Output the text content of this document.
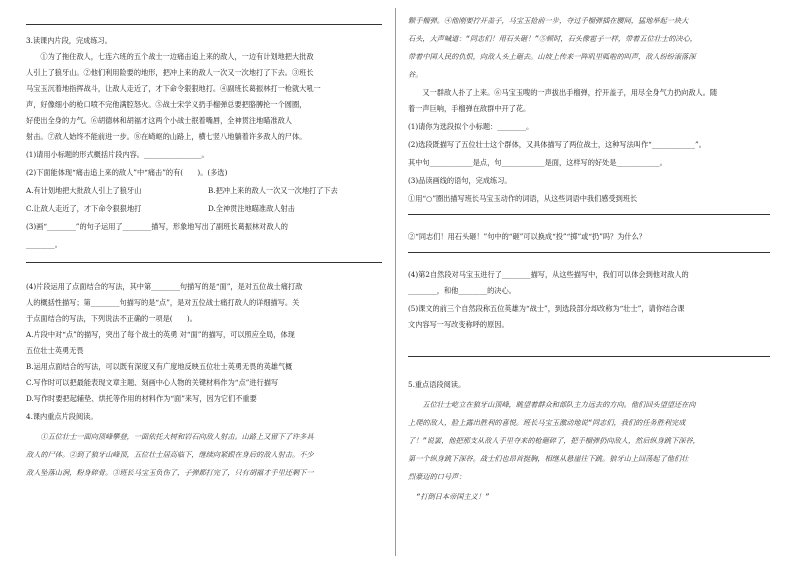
3.读课内片段，完成练习。
　　①为了拖住敌人，七连六班的五个战士一边痛击追上来的敌人，一边有计划地把大批敌
人引上了狼牙山。②他们利用险要的地形，把冲上来的敌人一次又一次地打了下去。③班长
马宝玉沉着地指挥战斗，让敌人走近了，才下命令狠狠地打。④副班长葛振林打一枪就大吼一
声，好像细小的枪口喷不完他满腔怒火。⑤战士宋学义扔手榴弹总要把胳膊抡一个圆圈，
好使出全身的力气。⑥胡德林和胡福才这两个小战士抿着嘴唇，全神贯注地瞄准敌人
射击。⑦敌人始终不能前进一步。⑧在崎岖的山路上，横七竖八地躺着许多敌人的尸体。
(1)请用小标题的形式概括片段内容。________________。
(2)下面能体现“痛击追上来的敌人”中“痛击”的有(　　)。(多选)
A.有计划地把大批敌人引上了狼牙山	B.把冲上来的敌人一次又一次地打了下去
C.让敌人走近了，才下命令狠狠地打	D.全神贯注地瞄准敌人射击
(3)画“________”的句子运用了________描写，形象地写出了副班长葛振林对敌人的
________。
(4)片段运用了点面结合的写法，其中第________句描写的是“面”，是对五位战士痛打敌
人的概括性描写；第________句描写的是“点”，是对五位战士痛打敌人的详细描写。关
于点面结合的写法，下列说法不正确的一项是(　　)。
A.片段中对“点”的描写，突出了每个战士的英勇 对“面”的描写，可以照应全局，体现
五位壮士英勇无畏
B.运用点面结合的写法，可以既有深度又有广度地反映五位壮士英勇无畏的英雄气概
C.写作时可以把最能表现文章主题、刻画中心人物的关键材料作为“点”进行描写
D.写作时要把起辅垫、烘托等作用的材料作为“面”来写，因为它们不重要
4.课内重点片段阅读。
　　①五位壮士一面向顶峰攀登，一面依托大树和岩石向敌人射击。山路上又留下了许多具
敌人的尸体。②到了狼牙山峰顶，五位壮士居高临下，继续向紧跟在身后的敌人射击。不少
敌人坠落山涧，粉身碎骨。③班长马宝玉负伤了，子弹都打完了，只有胡福才手里还剩下一
颗手榴弹。④他刚要拧开盖子，马宝玉抢前一步，夺过手榴弹插在腰间，猛地举起一块大
石头，大声喊道：“同志们！用石头砸！”⑤顿时，石头像雹子一样，带着五位壮士的决心，
带着中国人民的仇恨，向敌人头上砸去。山坡上传来一阵叽里呱啦的叫声，敌人纷纷滚落深
谷。
　　又一群敌人扑了上来。⑥马宝玉嗖的一声拔出手榴弹，拧开盖子，用尽全身气力扔向敌人。随
着一声巨响，手榴弹在敌群中开了花。
(1)请你为选段拟个小标题：________。
(2)选段既描写了五位壮士这个群体，又具体描写了两位战士，这种写法叫作“____________”。
其中句____________是点，句____________是面，这样写的好处是____________。
(3)品读画线的语句，完成练习。
①用“○”圈出描写班长马宝玉动作的词语，从这些词语中我们感受到班长
②“同志们！用石头砸！”句中的“砸”可以换成“投”“掷”或“扔”吗？为什么？
(4)第2自然段对马宝玉进行了________描写，从这些描写中，我们可以体会到他对敌人的
________，和他________的决心。
(5)课文的前三个自然段称五位英雄为“战士”，到选段部分却改称为“壮士”，请你结合课
文内容写一写改变称呼的原因。
5.重点语段阅读。
　　五位壮士屹立在狼牙山顶峰，眺望着群众和部队主力远去的方向。他们回头望望还在向
上爬的敌人，脸上露出胜利的喜悦。班长马宝玉激动地说“同志们，我们的任务胜利完成
了！”说罢，他把那支从敌人手里夺来的枪砸碎了，把手榴弹扔向敌人，然后纵身跳下深谷，
第一个纵身跳下深谷。战士们也昂首挺胸，相继从悬崖往下跳。狼牙山上回荡起了他们壮
烈豪迈的口号声：
“打倒日本帝国主义！”
